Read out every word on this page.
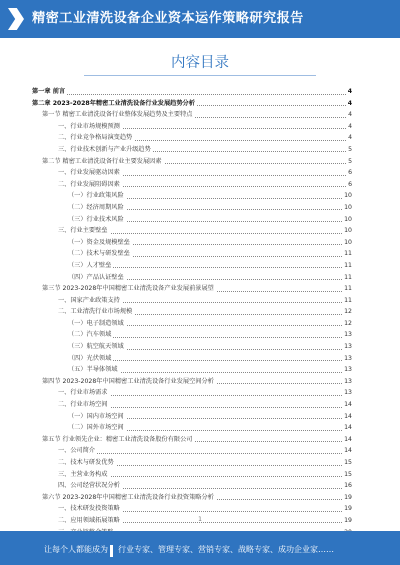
精密工业清洗设备企业资本运作策略研究报告
内容目录
第一章 前言	4
第二章 2023-2028年精密工业清洗设备行业发展趋势分析	4
第一节 精密工业清洗设备行业整体发展趋势及主要特点	4
一、行业市场规模预测	4
二、行业竞争格局演变趋势	4
三、行业技术创新与产业升级趋势	5
第二节 精密工业清洗设备行业主要发展因素	5
一、行业发展驱动因素	6
二、行业发展阻碍因素	6
（一）行业政策风险	10
（二）经济周期风险	10
（三）行业技术风险	10
三、行业主要壁垒	10
（一）资金及规模壁垒	10
（二）技术与研发壁垒	11
（三）人才壁垒	11
（四）产品认证壁垒	11
第三节 2023-2028年中国精密工业清洗设备产业发展前景展望	11
一、国家产业政策支持	11
二、工业清洗行业市场规模	12
（一）电子制造领域	12
（二）汽车领域	13
（三）航空航天领域	13
（四）光伏领域	13
（五）半导体领域	13
第四节 2023-2028年中国精密工业清洗设备行业发展空间分析	13
一、行业市场需求	13
二、行业市场空间	14
（一）国内市场空间	14
（二）国外市场空间	14
第五节 行业领先企业：精密工业清洗设备股份有限公司	14
一、公司简介	14
二、技术与研发优势	15
三、主营业务构成	15
四、公司经营状况分析	16
第六节 2023-2028年中国精密工业清洗设备行业投资策略分析	19
一、技术研发投资策略	19
二、应用领域拓展策略	19
1
让每个人都能成为 行业专家、管理专家、营销专家、战略专家、成功企业家……
